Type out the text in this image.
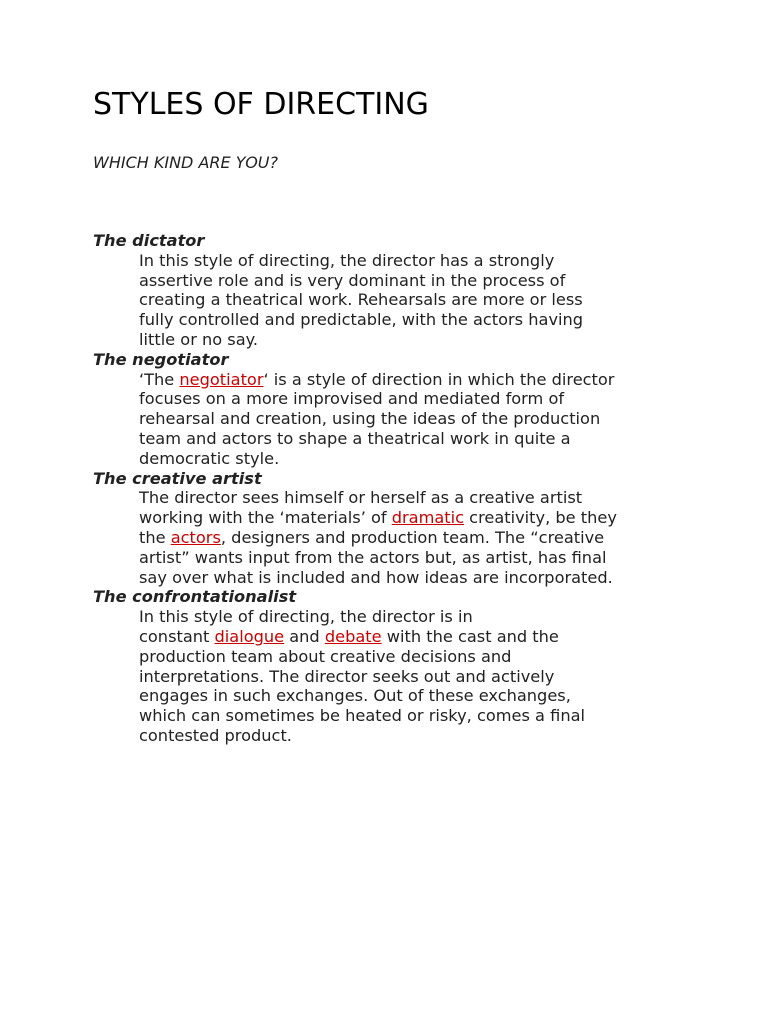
STYLES OF DIRECTING

WHICH KIND ARE YOU?

The dictator

In this style of directing, the director has a strongly
assertive role and is very dominant in the process of
creating a theatrical work. Rehearsals are more or less
fully controlled and predictable, with the actors having
little or no say.

The negotiator

‘The negotiator‘ is a style of direction in which the director
focuses on a more improvised and mediated form of
rehearsal and creation, using the ideas of the production
team and actors to shape a theatrical work in quite a
democratic style.

The creative artist

The director sees himself or herself as a creative artist
working with the ‘materials’ of dramatic creativity, be they
the actors, designers and production team. The “creative
artist” wants input from the actors but, as artist, has final
say over what is included and how ideas are incorporated.

The confrontationalist

In this style of directing, the director is in
constant dialogue and debate with the cast and the
production team about creative decisions and
interpretations. The director seeks out and actively
engages in such exchanges. Out of these exchanges,
which can sometimes be heated or risky, comes a final
contested product.
